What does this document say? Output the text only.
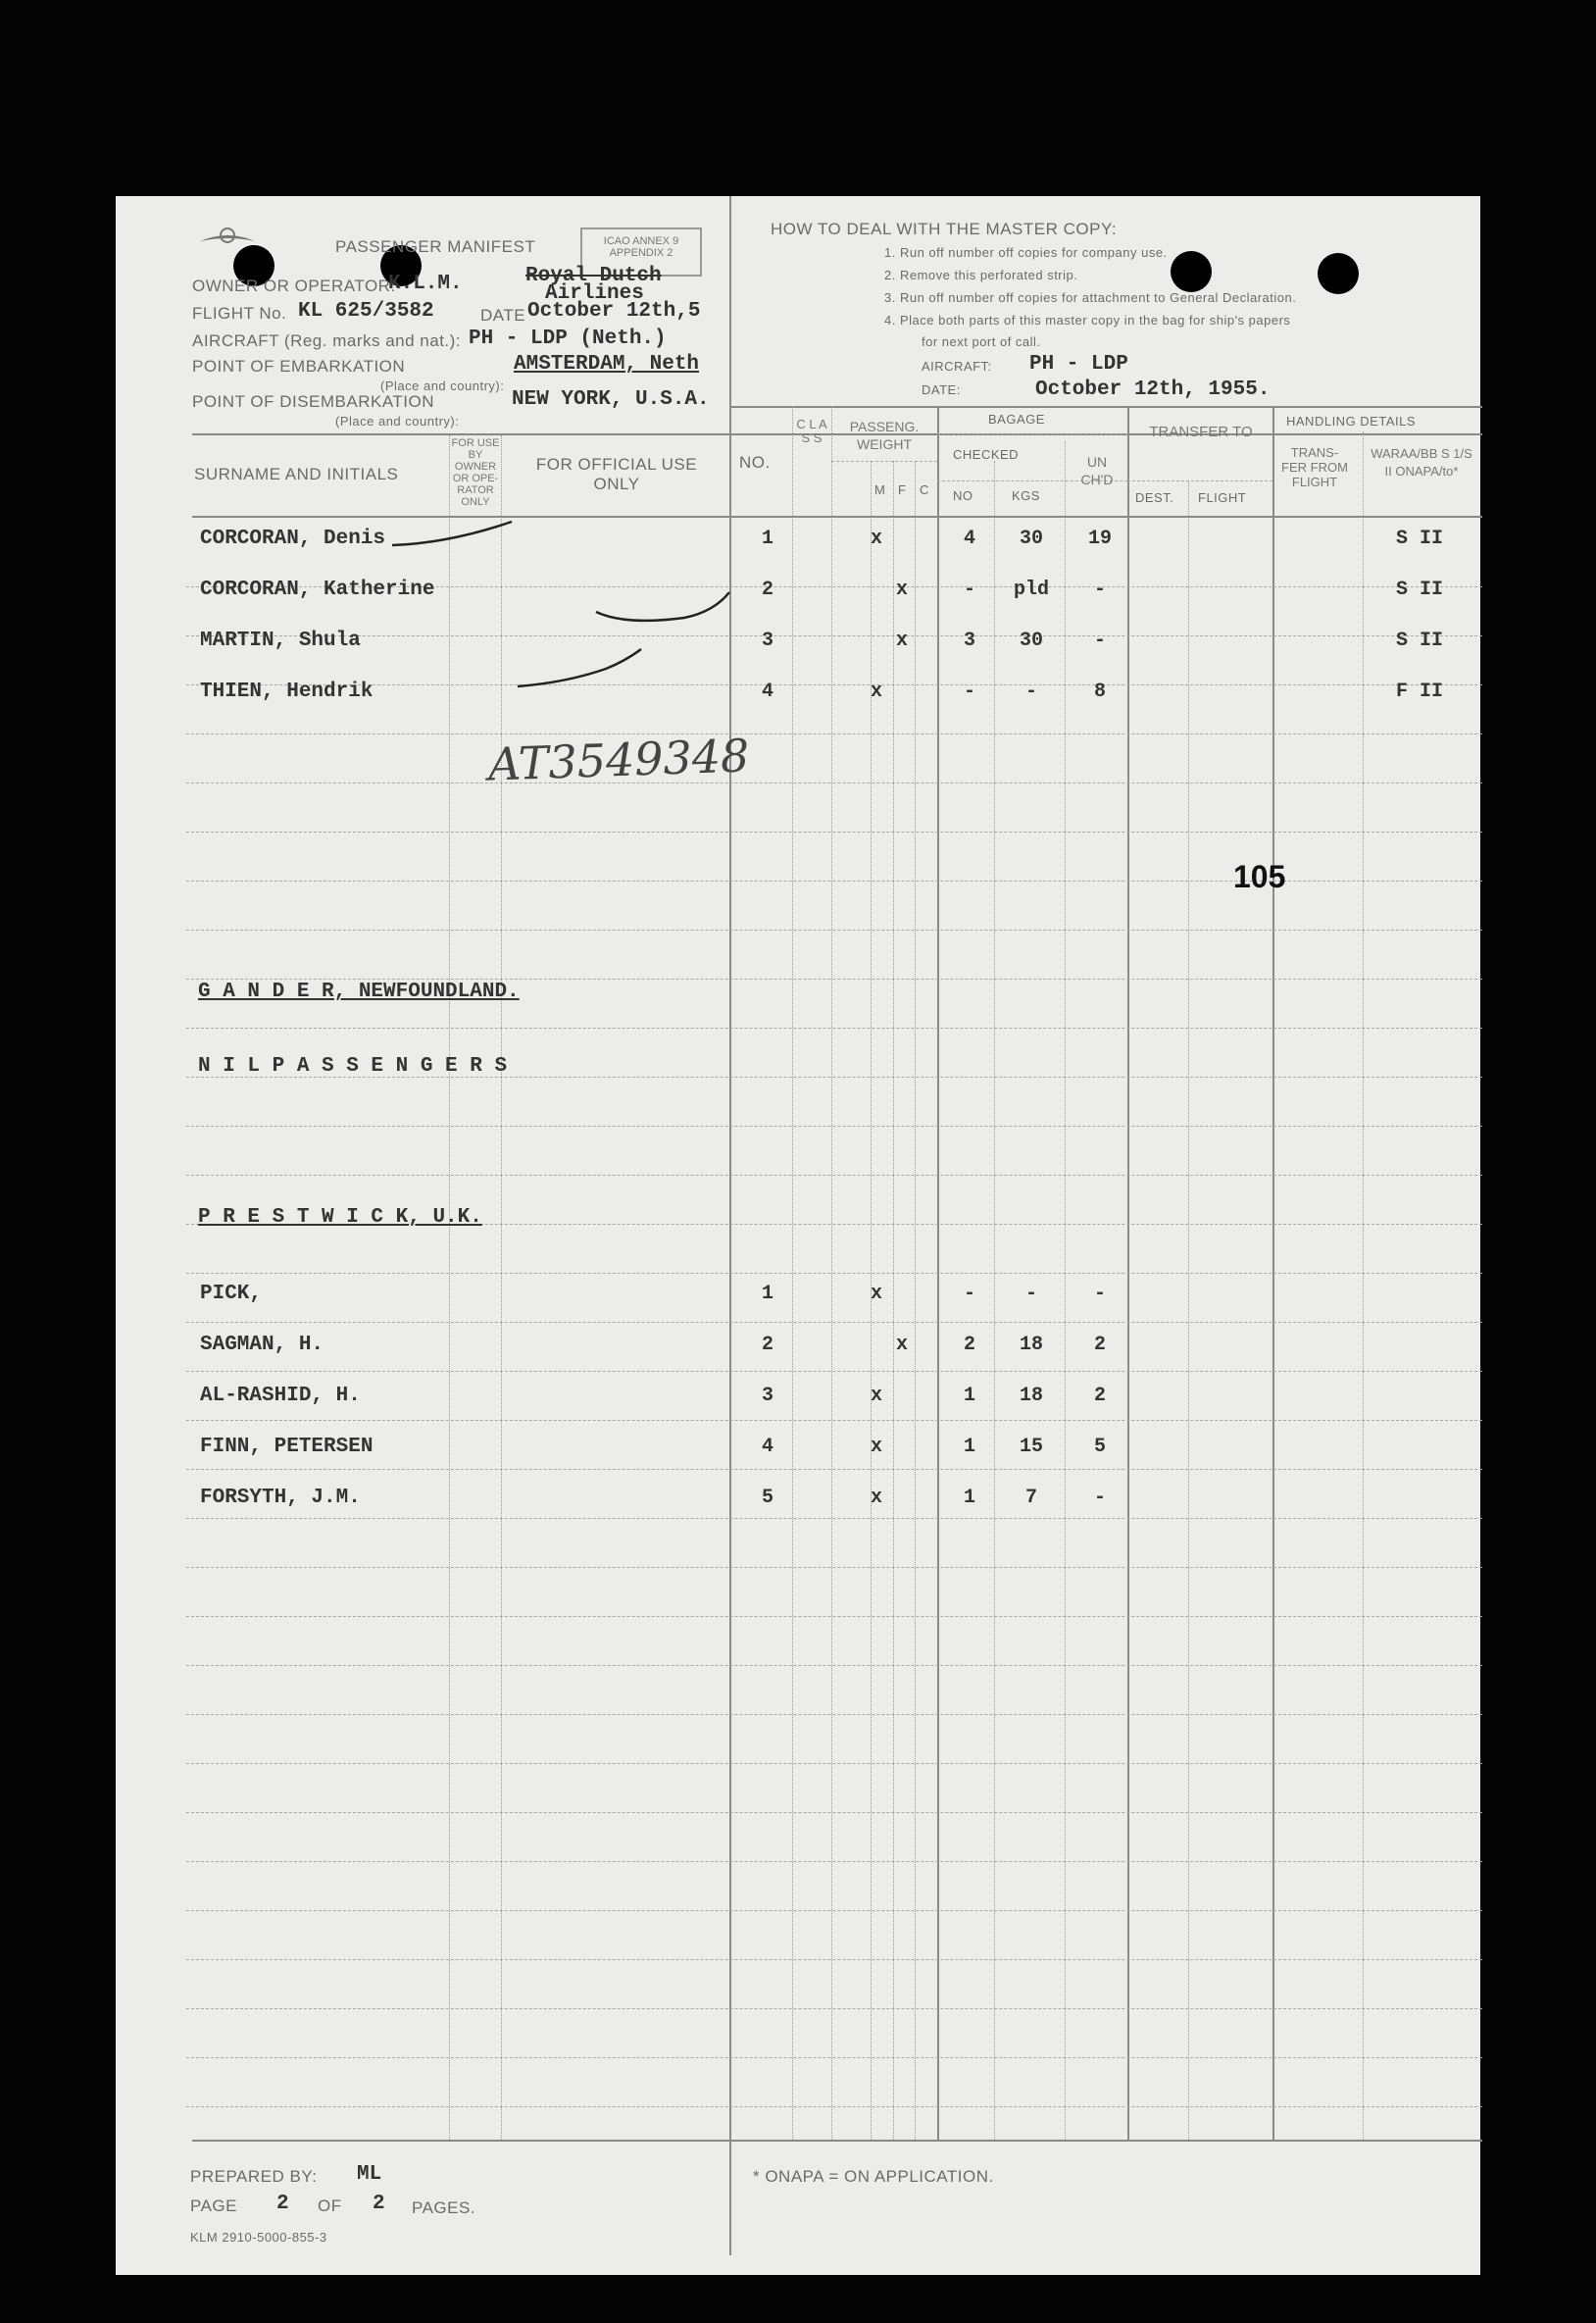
PASSENGER MANIFEST	ICAO ANNEX 9
APPENDIX 2
OWNER OR OPERATOR:
K.L.M.	Royal Dutch
Airlines
FLIGHT No. KL 625/3582	DATE October 12th,5
AIRCRAFT (Reg. marks and nat.): PH - LDP (Neth.)
POINT OF EMBARKATION	AMSTERDAM, Neth
(Place and country):
POINT OF DISEMBARKATION	NEW YORK, U.S.A.
(Place and country):
HOW TO DEAL WITH THE MASTER COPY:
1. Run off number off copies for company use.
2. Remove this perforated strip.
3. Run off number off copies for attachment to General Declaration.
4. Place both parts of this master copy in the bag for ship's papers
for next port of call.
AIRCRAFT: PH - LDP
DATE:	October 12th, 1955.
SURNAME AND INITIALS
FOR USE BY OWNER OR OPE- RATOR ONLY
FOR OFFICIAL USE ONLY
NO.
C L A S S
PASSENG. WEIGHT
M F C
BAGAGE
CHECKED
NO	KGS
UN CH'D
TRANSFER TO
DEST. FLIGHT
HANDLING DETAILS
TRANS- FER FROM FLIGHT
WARAA/BB S 1/S II ONAPA/to*
CORCORAN, Denis	1	x	4	30	19	S II
CORCORAN, Katherine	2	x	-	pld	-	S II
MARTIN, Shula	3	x	3	30	-	S II
THIEN, Hendrik	4	x	-	-	8	F II
AT3549348
105
G A N D E R, NEWFOUNDLAND.
N I L P A S S E N G E R S
P R E S T W I C K, U.K.
PICK,	1	x	-	-	-
SAGMAN, H.	2	x	2	18	2
AL-RASHID, H.	3	x	1	18	2
FINN, PETERSEN	4	x	1	15	5
FORSYTH, J.M.	5	x	1	7	-
PREPARED BY: ML
PAGE 2 OF 2 PAGES.
KLM 2910-5000-855-3
* ONAPA = ON APPLICATION.
